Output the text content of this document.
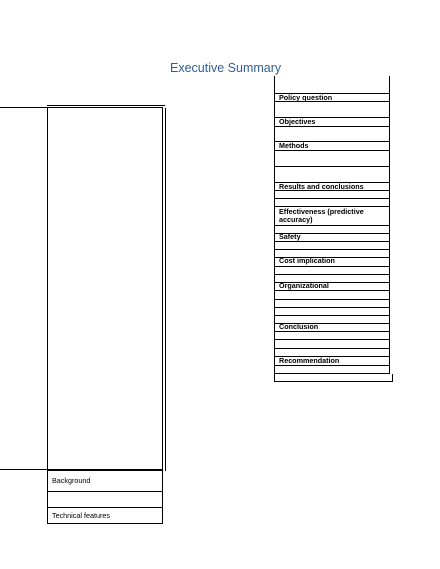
Executive Summary
Background
Technical features
Policy question
Objectives
Methods
Results and conclusions
Effectiveness (predictive accuracy)
Safety
Cost implication
Organizational
Conclusion
Recommendation
